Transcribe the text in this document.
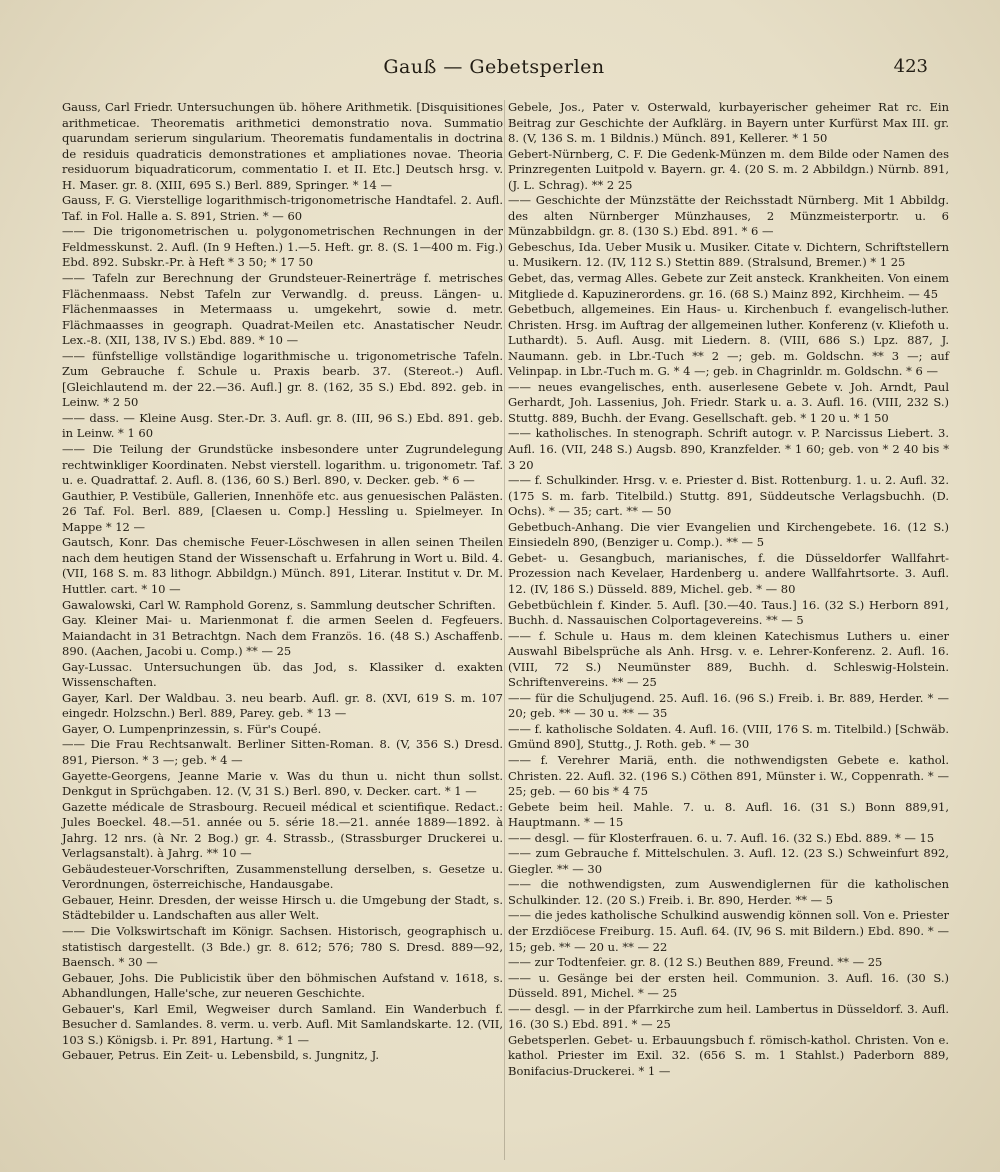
Gauß — Gebetsperlen	423

Gauss, Carl Friedr. Untersuchungen üb. höhere Arithmetik. [Disquisitiones arithmeticae. Theorematis arithmetici demonstratio nova. Summatio quarundam serierum singularium. Theorematis fundamentalis in doctrina de residuis quadraticis demonstrationes et ampliationes novae. Theoria residuorum biquadraticorum, commentatio I. et II. Etc.] Deutsch hrsg. v. H. Maser. gr. 8. (XIII, 695 S.) Berl. 889, Springer. * 14 —

Gauss, F. G. Vierstellige logarithmisch-trigonometrische Handtafel. 2. Aufl. Taf. in Fol. Halle a. S. 891, Strien. * — 60

—— Die trigonometrischen u. polygonometrischen Rechnungen in der Feldmesskunst. 2. Aufl. (In 9 Heften.) 1.—5. Heft. gr. 8. (S. 1—400 m. Fig.) Ebd. 892. Subskr.-Pr. à Heft * 3 50; * 17 50

—— Tafeln zur Berechnung der Grundsteuer-Reinerträge f. metrisches Flächenmaass. Nebst Tafeln zur Verwandlg. d. preuss. Längen- u. Flächenmaasses in Metermaass u. umgekehrt, sowie d. metr. Flächmaasses in geograph. Quadrat-Meilen etc. Anastatischer Neudr. Lex.-8. (XII, 138, IV S.) Ebd. 889. * 10 —

—— fünfstellige vollständige logarithmische u. trigonometrische Tafeln. Zum Gebrauche f. Schule u. Praxis bearb. 37. (Stereot.-) Aufl. [Gleichlautend m. der 22.—36. Aufl.] gr. 8. (162, 35 S.) Ebd. 892. geb. in Leinw. * 2 50

—— dass. — Kleine Ausg. Ster.-Dr. 3. Aufl. gr. 8. (III, 96 S.) Ebd. 891. geb. in Leinw. * 1 60

—— Die Teilung der Grundstücke insbesondere unter Zugrundelegung rechtwinkliger Koordinaten. Nebst vierstell. logarithm. u. trigonometr. Taf. u. e. Quadrattaf. 2. Aufl. 8. (136, 60 S.) Berl. 890, v. Decker. geb. * 6 —

Gauthier, P. Vestibüle, Gallerien, Innenhöfe etc. aus genuesischen Palästen. 26 Taf. Fol. Berl. 889, [Claesen u. Comp.] Hessling u. Spielmeyer. In Mappe * 12 —

Gautsch, Konr. Das chemische Feuer-Löschwesen in allen seinen Theilen nach dem heutigen Stand der Wissenschaft u. Erfahrung in Wort u. Bild. 4. (VII, 168 S. m. 83 lithogr. Abbildgn.) Münch. 891, Literar. Institut v. Dr. M. Huttler. cart. * 10 —

Gawalowski, Carl W. Ramphold Gorenz, s. Sammlung deutscher Schriften.

Gay. Kleiner Mai- u. Marienmonat f. die armen Seelen d. Fegfeuers. Maiandacht in 31 Betrachtgn. Nach dem Französ. 16. (48 S.) Aschaffenb. 890. (Aachen, Jacobi u. Comp.) ** — 25

Gay-Lussac. Untersuchungen üb. das Jod, s. Klassiker d. exakten Wissenschaften.

Gayer, Karl. Der Waldbau. 3. neu bearb. Aufl. gr. 8. (XVI, 619 S. m. 107 eingedr. Holzschn.) Berl. 889, Parey. geb. * 13 —

Gayer, O. Lumpenprinzessin, s. Für's Coupé.

—— Die Frau Rechtsanwalt. Berliner Sitten-Roman. 8. (V, 356 S.) Dresd. 891, Pierson. * 3 —; geb. * 4 —

Gayette-Georgens, Jeanne Marie v. Was du thun u. nicht thun sollst. Denkgut in Sprüchgaben. 12. (V, 31 S.) Berl. 890, v. Decker. cart. * 1 —

Gazette médicale de Strasbourg. Recueil médical et scientifique. Redact.: Jules Boeckel. 48.—51. année ou 5. série 18.—21. année 1889—1892. à Jahrg. 12 nrs. (à Nr. 2 Bog.) gr. 4. Strassb., (Strassburger Druckerei u. Verlagsanstalt). à Jahrg. ** 10 —

Gebäudesteuer-Vorschriften, Zusammenstellung derselben, s. Gesetze u. Verordnungen, österreichische, Handausgabe.

Gebauer, Heinr. Dresden, der weisse Hirsch u. die Umgebung der Stadt, s. Städtebilder u. Landschaften aus aller Welt.

—— Die Volkswirtschaft im Königr. Sachsen. Historisch, geographisch u. statistisch dargestellt. (3 Bde.) gr. 8. 612; 576; 780 S. Dresd. 889—92, Baensch. * 30 —

Gebauer, Johs. Die Publicistik über den böhmischen Aufstand v. 1618, s. Abhandlungen, Halle'sche, zur neueren Geschichte.

Gebauer's, Karl Emil, Wegweiser durch Samland. Ein Wanderbuch f. Besucher d. Samlandes. 8. verm. u. verb. Aufl. Mit Samlandskarte. 12. (VII, 103 S.) Königsb. i. Pr. 891, Hartung. * 1 —

Gebauer, Petrus. Ein Zeit- u. Lebensbild, s. Jungnitz, J.

Gebele, Jos., Pater v. Osterwald, kurbayerischer geheimer Rat rc. Ein Beitrag zur Geschichte der Aufklärg. in Bayern unter Kurfürst Max III. gr. 8. (V, 136 S. m. 1 Bildnis.) Münch. 891, Kellerer. * 1 50

Gebert-Nürnberg, C. F. Die Gedenk-Münzen m. dem Bilde oder Namen des Prinzregenten Luitpold v. Bayern. gr. 4. (20 S. m. 2 Abbildgn.) Nürnb. 891, (J. L. Schrag). ** 2 25

—— Geschichte der Münzstätte der Reichsstadt Nürnberg. Mit 1 Abbildg. des alten Nürnberger Münzhauses, 2 Münzmeisterportr. u. 6 Münzabbildgn. gr. 8. (130 S.) Ebd. 891. * 6 —

Gebeschus, Ida. Ueber Musik u. Musiker. Citate v. Dichtern, Schriftstellern u. Musikern. 12. (IV, 112 S.) Stettin 889. (Stralsund, Bremer.) * 1 25

Gebet, das, vermag Alles. Gebete zur Zeit ansteck. Krankheiten. Von einem Mitgliede d. Kapuzinerordens. gr. 16. (68 S.) Mainz 892, Kirchheim. — 45

Gebetbuch, allgemeines. Ein Haus- u. Kirchenbuch f. evangelisch-luther. Christen. Hrsg. im Auftrag der allgemeinen luther. Konferenz (v. Kliefoth u. Luthardt). 5. Aufl. Ausg. mit Liedern. 8. (VIII, 686 S.) Lpz. 887, J. Naumann. geb. in Lbr.-Tuch ** 2 —; geb. m. Goldschn. ** 3 —; auf Velinpap. in Lbr.-Tuch m. G. * 4 —; geb. in Chagrinldr. m. Goldschn. * 6 —

—— neues evangelisches, enth. auserlesene Gebete v. Joh. Arndt, Paul Gerhardt, Joh. Lassenius, Joh. Friedr. Stark u. a. 3. Aufl. 16. (VIII, 232 S.) Stuttg. 889, Buchh. der Evang. Gesellschaft. geb. * 1 20 u. * 1 50

—— katholisches. In stenograph. Schrift autogr. v. P. Narcissus Liebert. 3. Aufl. 16. (VII, 248 S.) Augsb. 890, Kranzfelder. * 1 60; geb. von * 2 40 bis * 3 20

—— f. Schulkinder. Hrsg. v. e. Priester d. Bist. Rottenburg. 1. u. 2. Aufl. 32. (175 S. m. farb. Titelbild.) Stuttg. 891, Süddeutsche Verlagsbuchh. (D. Ochs). * — 35; cart. ** — 50

Gebetbuch-Anhang. Die vier Evangelien und Kirchengebete. 16. (12 S.) Einsiedeln 890, (Benziger u. Comp.). ** — 5

Gebet- u. Gesangbuch, marianisches, f. die Düsseldorfer Wallfahrt-Prozession nach Kevelaer, Hardenberg u. andere Wallfahrtsorte. 3. Aufl. 12. (IV, 186 S.) Düsseld. 889, Michel. geb. * — 80

Gebetbüchlein f. Kinder. 5. Aufl. [30.—40. Taus.] 16. (32 S.) Herborn 891, Buchh. d. Nassauischen Colportagevereins. ** — 5

—— f. Schule u. Haus m. dem kleinen Katechismus Luthers u. einer Auswahl Bibelsprüche als Anh. Hrsg. v. e. Lehrer-Konferenz. 2. Aufl. 16. (VIII, 72 S.) Neumünster 889, Buchh. d. Schleswig-Holstein. Schriftenvereins. ** — 25

—— für die Schuljugend. 25. Aufl. 16. (96 S.) Freib. i. Br. 889, Herder. * — 20; geb. ** — 30 u. ** — 35

—— f. katholische Soldaten. 4. Aufl. 16. (VIII, 176 S. m. Titelbild.) [Schwäb. Gmünd 890], Stuttg., J. Roth. geb. * — 30

—— f. Verehrer Mariä, enth. die nothwendigsten Gebete e. kathol. Christen. 22. Aufl. 32. (196 S.) Cöthen 891, Münster i. W., Coppenrath. * — 25; geb. — 60 bis * 4 75

Gebete beim heil. Mahle. 7. u. 8. Aufl. 16. (31 S.) Bonn 889,91, Hauptmann. * — 15

—— desgl. — für Klosterfrauen. 6. u. 7. Aufl. 16. (32 S.) Ebd. 889. * — 15

—— zum Gebrauche f. Mittelschulen. 3. Aufl. 12. (23 S.) Schweinfurt 892, Giegler. ** — 30

—— die nothwendigsten, zum Auswendiglernen für die katholischen Schulkinder. 12. (20 S.) Freib. i. Br. 890, Herder. ** — 5

—— die jedes katholische Schulkind auswendig können soll. Von e. Priester der Erzdiöcese Freiburg. 15. Aufl. 64. (IV, 96 S. mit Bildern.) Ebd. 890. * — 15; geb. ** — 20 u. ** — 22

—— zur Todtenfeier. gr. 8. (12 S.) Beuthen 889, Freund. ** — 25

—— u. Gesänge bei der ersten heil. Communion. 3. Aufl. 16. (30 S.) Düsseld. 891, Michel. * — 25

—— desgl. — in der Pfarrkirche zum heil. Lambertus in Düsseldorf. 3. Aufl. 16. (30 S.) Ebd. 891. * — 25

Gebetsperlen. Gebet- u. Erbauungsbuch f. römisch-kathol. Christen. Von e. kathol. Priester im Exil. 32. (656 S. m. 1 Stahlst.) Paderborn 889, Bonifacius-Druckerei. * 1 —
